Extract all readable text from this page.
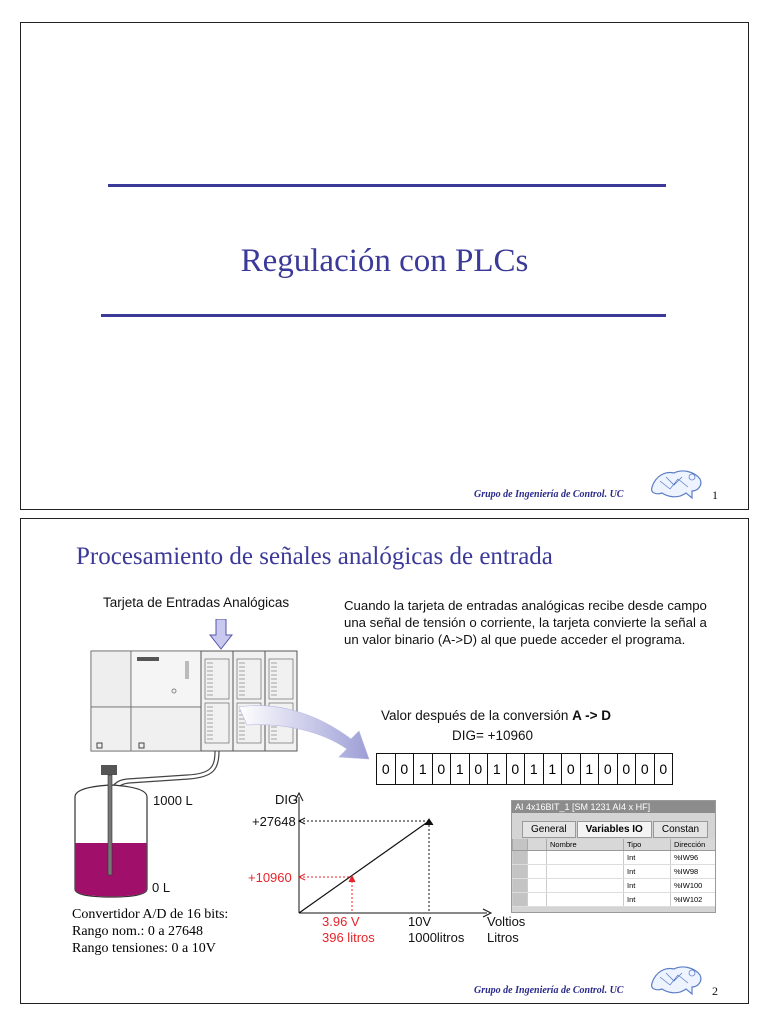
Regulación con PLCs
Grupo de Ingeniería de Control. UC	1
Procesamiento de señales analógicas de entrada
Tarjeta de Entradas Analógicas
1000 L
0 L
Convertidor A/D de 16 bits:
Rango nom.: 0 a 27648
Rango tensiones: 0 a 10V
Cuando la tarjeta de entradas analógicas recibe desde campo una señal de tensión o corriente, la tarjeta convierte la señal a un valor binario (A->D) al que puede acceder el programa.
Valor después de la conversión A -> D
DIG= +10960
0 0 1 0 1 0 1 0 1 1 0 1 0 0 0 0
DIG
+27648
+10960
3.96 V
396 litros
10V
1000litros
Voltios
Litros
AI 4x16BIT_1 [SM 1231 AI4 x HF]
General	Variables IO	Constan
		Nombre	Tipo	Dirección
			Int	%IW96
			Int	%IW98
			Int	%IW100
			Int	%IW102
Grupo de Ingeniería de Control. UC	2
